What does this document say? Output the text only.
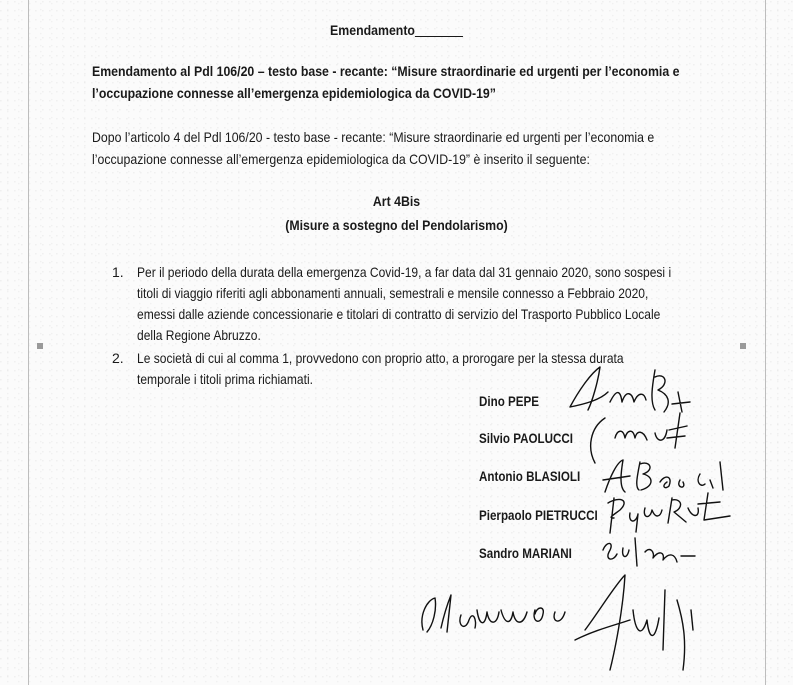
Emendamento_______
Emendamento al Pdl 106/20 – testo base - recante: “Misure straordinarie ed urgenti per l’economia e
l’occupazione connesse all’emergenza epidemiologica da COVID-19”
Dopo l’articolo 4 del Pdl 106/20 - testo base - recante: “Misure straordinarie ed urgenti per l’economia e
l’occupazione connesse all’emergenza epidemiologica da COVID-19” è inserito il seguente:
Art 4Bis
(Misure a sostegno del Pendolarismo)
1. Per il periodo della durata della emergenza Covid-19, a far data dal 31 gennaio 2020, sono sospesi i
titoli di viaggio riferiti agli abbonamenti annuali, semestrali e mensile connesso a Febbraio 2020,
emessi dalle aziende concessionarie e titolari di contratto di servizio del Trasporto Pubblico Locale
della Regione Abruzzo.
2. Le società di cui al comma 1, provvedono con proprio atto, a prorogare per la stessa durata
temporale i titoli prima richiamati.
Dino PEPE
Silvio PAOLUCCI
Antonio BLASIOLI
Pierpaolo PIETRUCCI
Sandro MARIANI
